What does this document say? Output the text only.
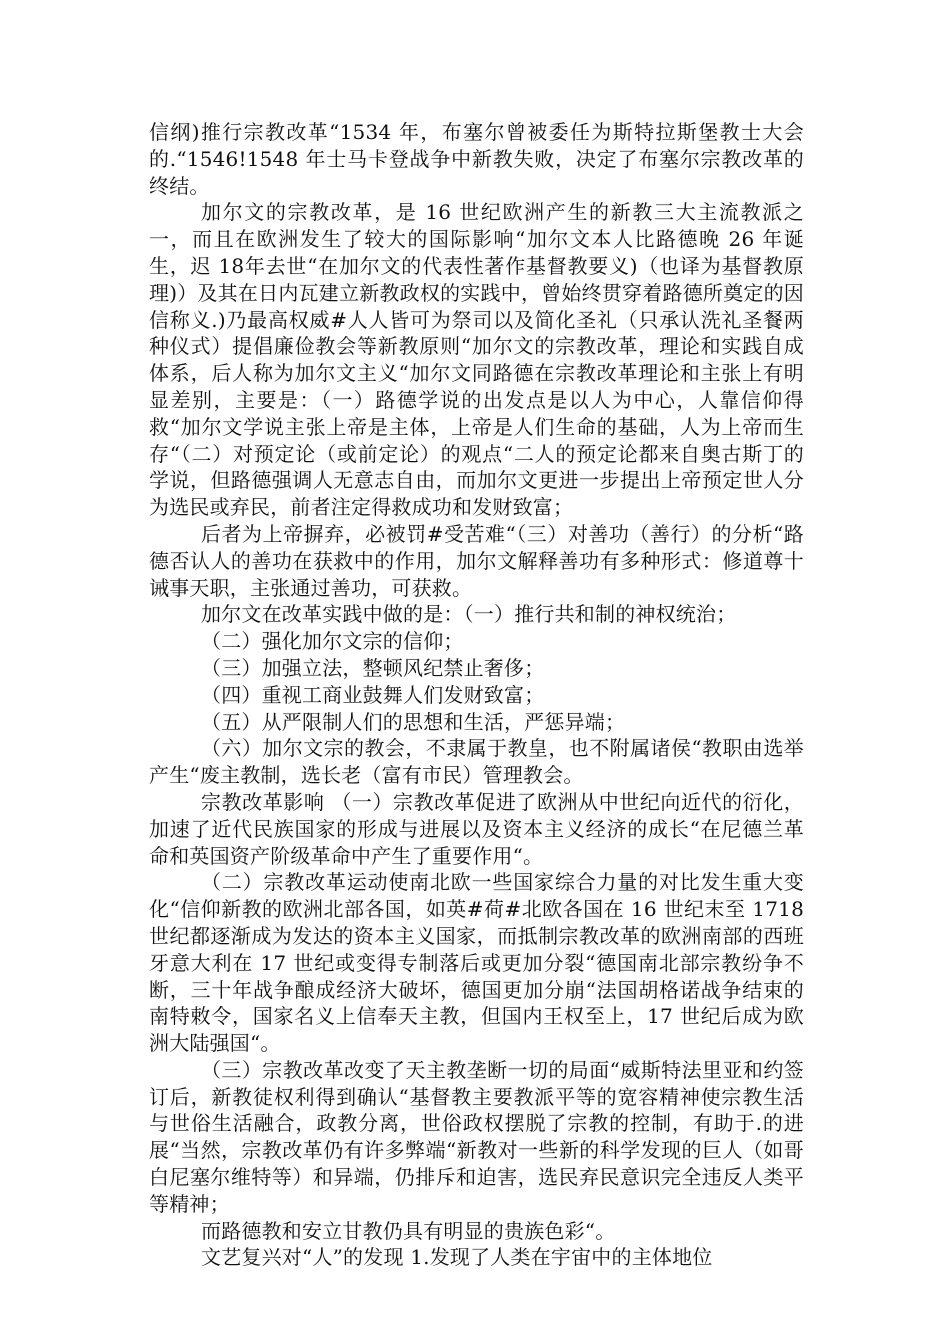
信纲)推行宗教改革“1534 年，布塞尔曾被委任为斯特拉斯堡教士大会的.“1546!1548 年士马卡登战争中新教失败，决定了布塞尔宗教改革的终结。

加尔文的宗教改革，是 16 世纪欧洲产生的新教三大主流教派之一，而且在欧洲发生了较大的国际影响“加尔文本人比路德晚 26 年诞生，迟 18年去世“在加尔文的代表性著作基督教要义)（也译为基督教原理)）及其在日内瓦建立新教政权的实践中，曾始终贯穿着路德所奠定的因信称义.)乃最高权威#人人皆可为祭司以及简化圣礼（只承认洗礼圣餐两种仪式）提倡廉俭教会等新教原则“加尔文的宗教改革，理论和实践自成体系，后人称为加尔文主义“加尔文同路德在宗教改革理论和主张上有明显差别，主要是：（一）路德学说的出发点是以人为中心，人靠信仰得救“加尔文学说主张上帝是主体，上帝是人们生命的基础，人为上帝而生存“（二）对预定论（或前定论）的观点“二人的预定论都来自奥古斯丁的学说，但路德强调人无意志自由，而加尔文更进一步提出上帝预定世人分为选民或弃民，前者注定得救成功和发财致富；

后者为上帝摒弃，必被罚#受苦难“（三）对善功（善行）的分析“路德否认人的善功在获救中的作用，加尔文解释善功有多种形式：修道尊十诫事天职，主张通过善功，可获救。

加尔文在改革实践中做的是：（一）推行共和制的神权统治；

（二）强化加尔文宗的信仰；

（三）加强立法，整顿风纪禁止奢侈；

（四）重视工商业鼓舞人们发财致富；

（五）从严限制人们的思想和生活，严惩异端；

（六）加尔文宗的教会，不隶属于教皇，也不附属诸侯“教职由选举产生“废主教制，选长老（富有市民）管理教会。

宗教改革影响 （一）宗教改革促进了欧洲从中世纪向近代的衍化，加速了近代民族国家的形成与进展以及资本主义经济的成长“在尼德兰革命和英国资产阶级革命中产生了重要作用“。

（二）宗教改革运动使南北欧一些国家综合力量的对比发生重大变化“信仰新教的欧洲北部各国，如英#荷#北欧各国在 16 世纪末至 1718 世纪都逐渐成为发达的资本主义国家，而抵制宗教改革的欧洲南部的西班牙意大利在 17 世纪或变得专制落后或更加分裂“德国南北部宗教纷争不断，三十年战争酿成经济大破坏，德国更加分崩“法国胡格诺战争结束的南特敕令，国家名义上信奉天主教，但国内王权至上，17 世纪后成为欧洲大陆强国“。

（三）宗教改革改变了天主教垄断一切的局面“威斯特法里亚和约签订后，新教徒权利得到确认“基督教主要教派平等的宽容精神使宗教生活与世俗生活融合，政教分离，世俗政权摆脱了宗教的控制，有助于.的进展“当然，宗教改革仍有许多弊端“新教对一些新的科学发现的巨人（如哥白尼塞尔维特等）和异端，仍排斥和迫害，选民弃民意识完全违反人类平等精神；

而路德教和安立甘教仍具有明显的贵族色彩“。

文艺复兴对“人”的发现 1.发现了人类在宇宙中的主体地位
